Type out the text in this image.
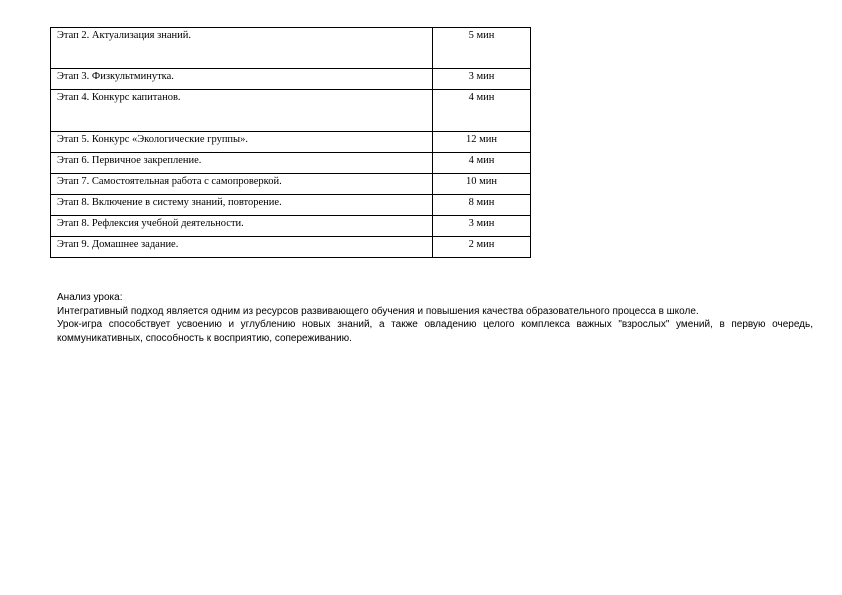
Этап 2. Актуализация знаний.	5 мин
Этап 3. Физкультминутка.	3 мин
Этап 4. Конкурс капитанов.	4 мин
Этап 5. Конкурс «Экологические группы».	12 мин
Этап 6. Первичное закрепление.	4 мин
Этап 7. Самостоятельная работа с самопроверкой.	10 мин
Этап 8. Включение в систему знаний, повторение.	8 мин
Этап 8. Рефлексия учебной деятельности.	3 мин
Этап 9. Домашнее задание.	2 мин

Анализ урока:

Интегративный подход является одним из ресурсов развивающего обучения и повышения качества образовательного процесса в школе.

Урок-игра способствует усвоению и углублению новых знаний, а также овладению целого комплекса важных "взрослых" умений, в первую очередь, коммуникативных, способность к восприятию, сопереживанию.
